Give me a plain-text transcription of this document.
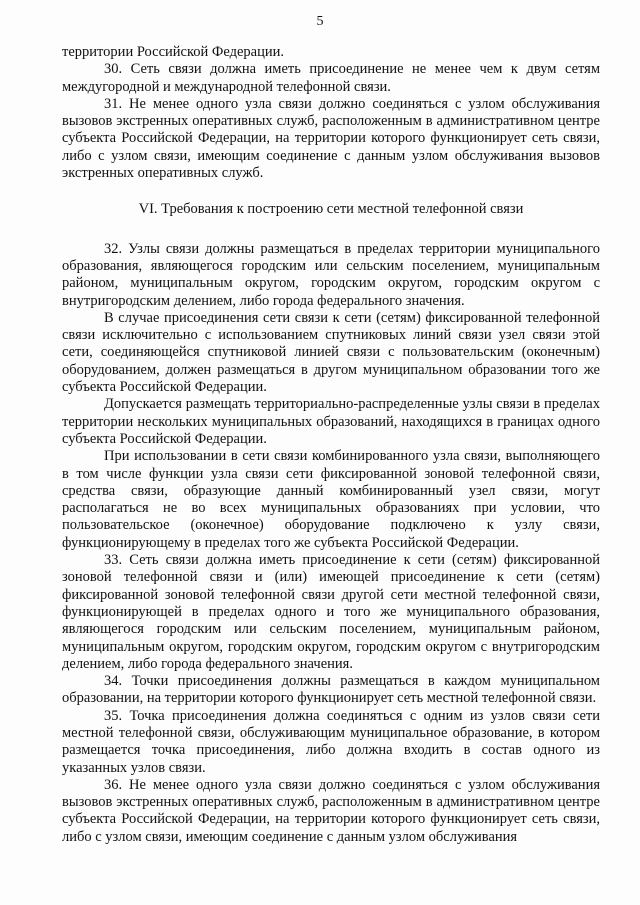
5

территории Российской Федерации.

30. Сеть связи должна иметь присоединение не менее чем к двум сетям междугородной и международной телефонной связи.

31. Не менее одного узла связи должно соединяться с узлом обслуживания вызовов экстренных оперативных служб, расположенным в административном центре субъекта Российской Федерации, на территории которого функционирует сеть связи, либо с узлом связи, имеющим соединение с данным узлом обслуживания вызовов экстренных оперативных служб.

VI. Требования к построению сети местной телефонной связи

32. Узлы связи должны размещаться в пределах территории муниципального образования, являющегося городским или сельским поселением, муниципальным районом, муниципальным округом, городским округом, городским округом с внутригородским делением, либо города федерального значения.

В случае присоединения сети связи к сети (сетям) фиксированной телефонной связи исключительно с использованием спутниковых линий связи узел связи этой сети, соединяющейся спутниковой линией связи с пользовательским (оконечным) оборудованием, должен размещаться в другом муниципальном образовании того же субъекта Российской Федерации.

Допускается размещать территориально-распределенные узлы связи в пределах территории нескольких муниципальных образований, находящихся в границах одного субъекта Российской Федерации.

При использовании в сети связи комбинированного узла связи, выполняющего в том числе функции узла связи сети фиксированной зоновой телефонной связи, средства связи, образующие данный комбинированный узел связи, могут располагаться не во всех муниципальных образованиях при условии, что пользовательское (оконечное) оборудование подключено к узлу связи, функционирующему в пределах того же субъекта Российской Федерации.

33. Сеть связи должна иметь присоединение к сети (сетям) фиксированной зоновой телефонной связи и (или) имеющей присоединение к сети (сетям) фиксированной зоновой телефонной связи другой сети местной телефонной связи, функционирующей в пределах одного и того же муниципального образования, являющегося городским или сельским поселением, муниципальным районом, муниципальным округом, городским округом, городским округом с внутригородским делением, либо города федерального значения.

34. Точки присоединения должны размещаться в каждом муниципальном образовании, на территории которого функционирует сеть местной телефонной связи.

35. Точка присоединения должна соединяться с одним из узлов связи сети местной телефонной связи, обслуживающим муниципальное образование, в котором размещается точка присоединения, либо должна входить в состав одного из указанных узлов связи.

36. Не менее одного узла связи должно соединяться с узлом обслуживания вызовов экстренных оперативных служб, расположенным в административном центре субъекта Российской Федерации, на территории которого функционирует сеть связи, либо с узлом связи, имеющим соединение с данным узлом обслуживания
